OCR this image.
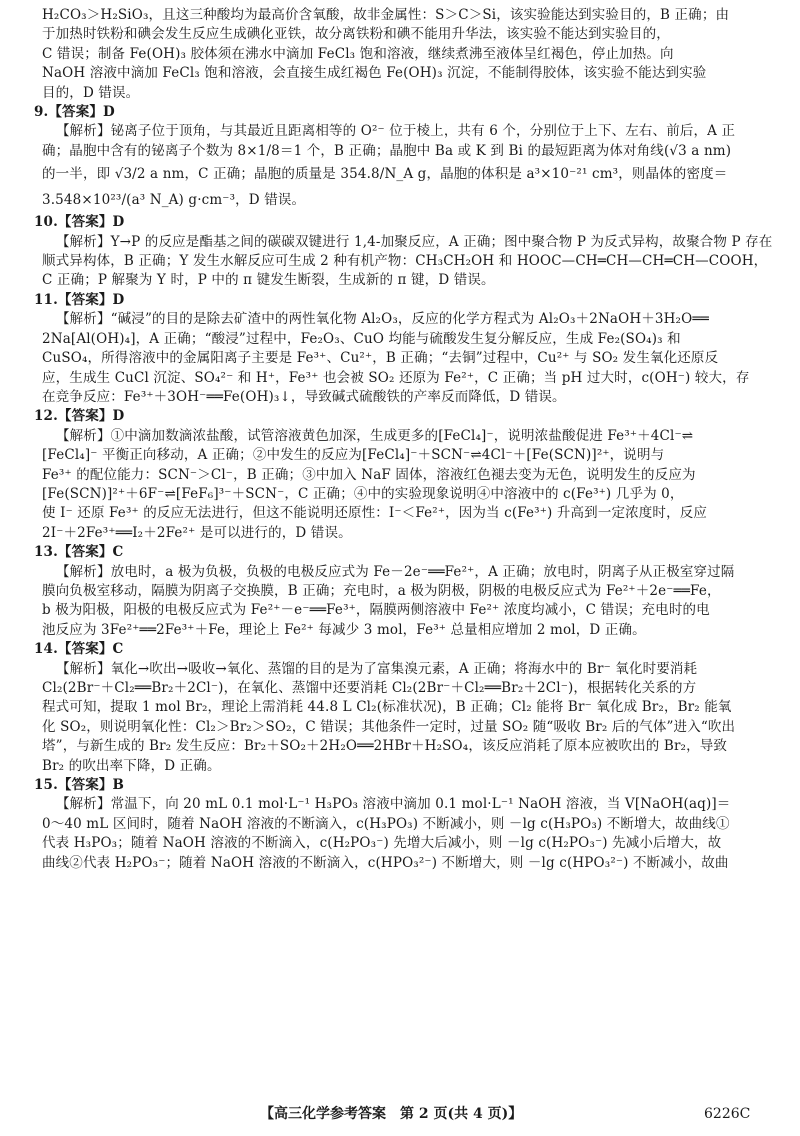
H₂CO₃＞H₂SiO₃，且这三种酸均为最高价含氧酸，故非金属性：S＞C＞Si，该实验能达到实验目的，B 正确；由
于加热时铁粉和碘会发生反应生成碘化亚铁，故分离铁粉和碘不能用升华法，该实验不能达到实验目的，
C 错误；制备 Fe(OH)₃ 胶体须在沸水中滴加 FeCl₃ 饱和溶液，继续煮沸至液体呈红褐色，停止加热。向
NaOH 溶液中滴加 FeCl₃ 饱和溶液，会直接生成红褐色 Fe(OH)₃ 沉淀，不能制得胶体，该实验不能达到实验
目的，D 错误。
9.【答案】D
【解析】铋离子位于顶角，与其最近且距离相等的 O²⁻ 位于棱上，共有 6 个，分别位于上下、左右、前后，A 正
确；晶胞中含有的铋离子个数为 8×1/8＝1 个，B 正确；晶胞中 Ba 或 K 到 Bi 的最短距离为体对角线(√3 a nm)
的一半，即 √3/2 a nm，C 正确；晶胞的质量是 354.8/N_A g，晶胞的体积是 a³×10⁻²¹ cm³，则晶体的密度＝
3.548×10²³/(a³ N_A) g·cm⁻³，D 错误。
10.【答案】D
【解析】Y→P 的反应是酯基之间的碳碳双键进行 1,4-加聚反应，A 正确；图中聚合物 P 为反式异构，故聚合物 P 存在
顺式异构体，B 正确；Y 发生水解反应可生成 2 种有机产物：CH₃CH₂OH 和 HOOC—CH═CH—CH═CH—COOH，
C 正确；P 解聚为 Y 时，P 中的 π 键发生断裂，生成新的 π 键，D 错误。
11.【答案】D
【解析】“碱浸”的目的是除去矿渣中的两性氧化物 Al₂O₃，反应的化学方程式为 Al₂O₃＋2NaOH＋3H₂O══
2Na[Al(OH)₄]，A 正确；“酸浸”过程中，Fe₂O₃、CuO 均能与硫酸发生复分解反应，生成 Fe₂(SO₄)₃ 和
CuSO₄，所得溶液中的金属阳离子主要是 Fe³⁺、Cu²⁺，B 正确；“去铜”过程中，Cu²⁺ 与 SO₂ 发生氧化还原反
应，生成生 CuCl 沉淀、SO₄²⁻ 和 H⁺，Fe³⁺ 也会被 SO₂ 还原为 Fe²⁺，C 正确；当 pH 过大时，c(OH⁻) 较大，存
在竞争反应：Fe³⁺＋3OH⁻══Fe(OH)₃↓，导致碱式硫酸铁的产率反而降低，D 错误。
12.【答案】D
【解析】①中滴加数滴浓盐酸，试管溶液黄色加深，生成更多的[FeCl₄]⁻，说明浓盐酸促进 Fe³⁺＋4Cl⁻⇌
[FeCl₄]⁻ 平衡正向移动，A 正确；②中发生的反应为[FeCl₄]⁻＋SCN⁻⇌4Cl⁻＋[Fe(SCN)]²⁺，说明与
Fe³⁺ 的配位能力：SCN⁻＞Cl⁻，B 正确；③中加入 NaF 固体，溶液红色褪去变为无色，说明发生的反应为
[Fe(SCN)]²⁺＋6F⁻⇌[FeF₆]³⁻＋SCN⁻，C 正确；④中的实验现象说明④中溶液中的 c(Fe³⁺) 几乎为 0，
使 I⁻ 还原 Fe³⁺ 的反应无法进行，但这不能说明还原性：I⁻＜Fe²⁺，因为当 c(Fe³⁺) 升高到一定浓度时，反应
2I⁻＋2Fe³⁺══I₂＋2Fe²⁺ 是可以进行的，D 错误。
13.【答案】C
【解析】放电时，a 极为负极，负极的电极反应式为 Fe－2e⁻══Fe²⁺，A 正确；放电时，阴离子从正极室穿过隔
膜向负极室移动，隔膜为阴离子交换膜，B 正确；充电时，a 极为阴极，阴极的电极反应式为 Fe²⁺＋2e⁻══Fe，
b 极为阳极，阳极的电极反应式为 Fe²⁺－e⁻══Fe³⁺，隔膜两侧溶液中 Fe²⁺ 浓度均减小，C 错误；充电时的电
池反应为 3Fe²⁺══2Fe³⁺＋Fe，理论上 Fe²⁺ 每减少 3 mol，Fe³⁺ 总量相应增加 2 mol，D 正确。
14.【答案】C
【解析】氧化→吹出→吸收→氧化、蒸馏的目的是为了富集溴元素，A 正确；将海水中的 Br⁻ 氧化时要消耗
Cl₂(2Br⁻＋Cl₂══Br₂＋2Cl⁻)，在氧化、蒸馏中还要消耗 Cl₂(2Br⁻＋Cl₂══Br₂＋2Cl⁻)，根据转化关系的方
程式可知，提取 1 mol Br₂，理论上需消耗 44.8 L Cl₂(标准状况)，B 正确；Cl₂ 能将 Br⁻ 氧化成 Br₂，Br₂ 能氧
化 SO₂，则说明氧化性：Cl₂＞Br₂＞SO₂，C 错误；其他条件一定时，过量 SO₂ 随“吸收 Br₂ 后的气体”进入“吹出
塔”，与新生成的 Br₂ 发生反应：Br₂＋SO₂＋2H₂O══2HBr＋H₂SO₄，该反应消耗了原本应被吹出的 Br₂，导致
Br₂ 的吹出率下降，D 正确。
15.【答案】B
【解析】常温下，向 20 mL 0.1 mol·L⁻¹ H₃PO₃ 溶液中滴加 0.1 mol·L⁻¹ NaOH 溶液，当 V[NaOH(aq)]＝
0～40 mL 区间时，随着 NaOH 溶液的不断滴入，c(H₃PO₃) 不断减小，则 －lg c(H₃PO₃) 不断增大，故曲线①
代表 H₃PO₃；随着 NaOH 溶液的不断滴入，c(H₂PO₃⁻) 先增大后减小，则 －lg c(H₂PO₃⁻) 先减小后增大，故
曲线②代表 H₂PO₃⁻；随着 NaOH 溶液的不断滴入，c(HPO₃²⁻) 不断增大，则 －lg c(HPO₃²⁻) 不断减小，故曲
【高三化学参考答案　第 2 页(共 4 页)】	6226C
